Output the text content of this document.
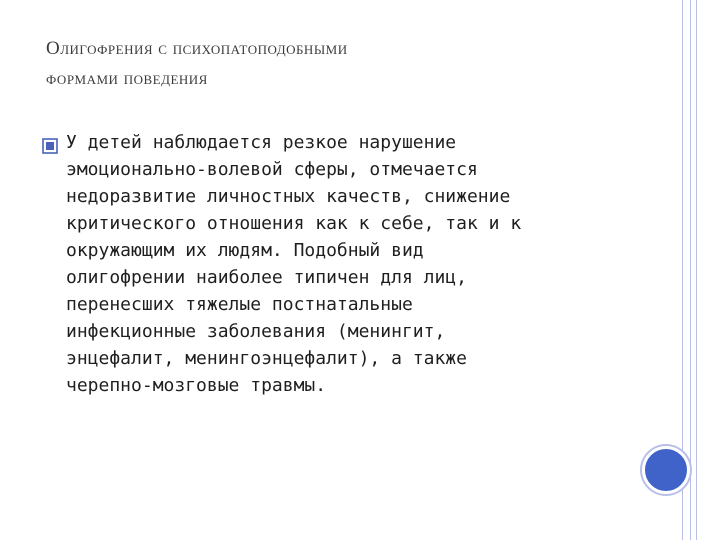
Олигофрения с психопатоподобными
формами поведения
У детей наблюдается резкое нарушение
эмоционально-волевой сферы, отмечается
недоразвитие личностных качеств, снижение
критического отношения как к себе, так и к
окружающим их людям. Подобный вид
олигофрении наиболее типичен для лиц,
перенесших тяжелые постнатальные
инфекционные заболевания (менингит,
энцефалит, менингоэнцефалит), а также
черепно-мозговые травмы.
